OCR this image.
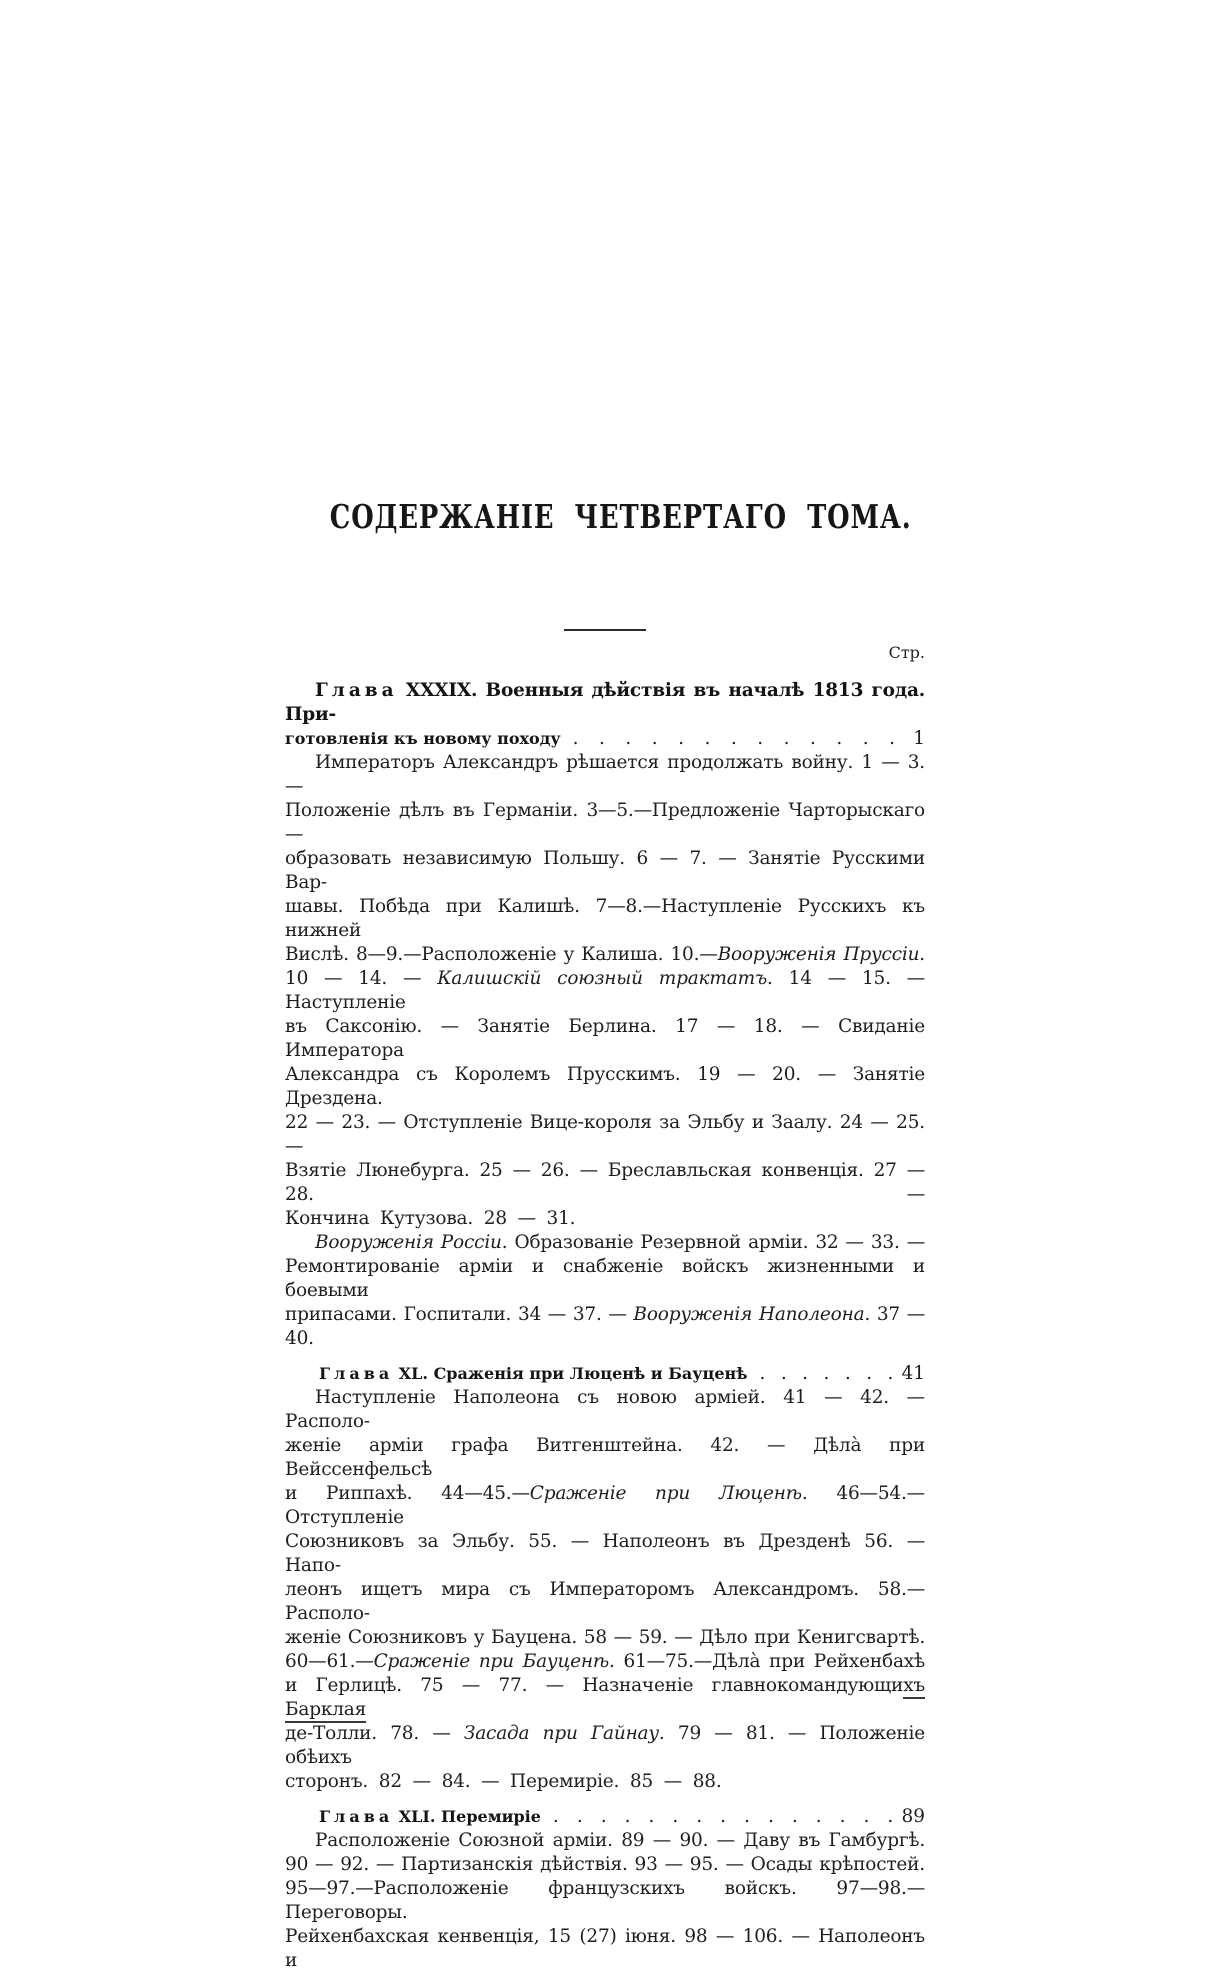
СОДЕРЖАНІЕ ЧЕТВЕРТАГО ТОМА.
Стр.
Глава XXXIX. Военныя дѣйствія въ началѣ 1813 года. При-
готовленія къ новому походу . . . . . . . . . . . . . 1
Императоръ Александръ рѣшается продолжать войну. 1 — 3. —
Положеніе дѣлъ въ Германіи. 3—5.—Предложеніе Чарторыскаго—
образовать независимую Польшу. 6 — 7. — Занятіе Русскими Вар-
шавы. Побѣда при Калишѣ. 7—8.—Наступленіе Русскихъ къ нижней
Вислѣ. 8—9.—Расположеніе у Калиша. 10.—Вооруженія Пруссіи.
10 — 14. — Калишскій союзный трактатъ. 14 — 15. — Наступленіе
въ Саксонію. — Занятіе Берлина. 17 — 18. — Свиданіе Императора
Александра съ Королемъ Прусскимъ. 19 — 20. — Занятіе Дрездена.
22 — 23. — Отступленіе Вице-короля за Эльбу и Заалу. 24 — 25. —
Взятіе Люнебурга. 25 — 26. — Бреславльская конвенція. 27 — 28. —
Кончина Кутузова. 28 — 31.
Вооруженія Россіи. Образованіе Резервной арміи. 32 — 33. —
Ремонтированіе арміи и снабженіе войскъ жизненными и боевыми
припасами. Госпитали. 34 — 37. — Вооруженія Наполеона. 37 — 40.
Глава XL. Сраженія при Люценѣ и Бауценѣ . . . . . . . 41
Наступленіе Наполеона съ новою арміей. 41 — 42. — Располо-
женіе арміи графа Витгенштейна. 42. — Дѣлà при Вейссенфельсѣ
и Риппахѣ. 44—45.—Сраженіе при Люценѣ. 46—54.—Отступленіе
Союзниковъ за Эльбу. 55. — Наполеонъ въ Дрезденѣ 56. — Напо-
леонъ ищетъ мира съ Императоромъ Александромъ. 58.—Располо-
женіе Союзниковъ у Бауцена. 58 — 59. — Дѣло при Кенигсвартѣ.
60—61.—Сраженіе при Бауценѣ. 61—75.—Дѣлà при Рейхенбахѣ
и Герлицѣ. 75 — 77. — Назначеніе главнокомандующихъ Барклая
де-Толли. 78. — Засада при Гайнау. 79 — 81. — Положеніе обѣихъ
сторонъ. 82 — 84. — Перемиріе. 85 — 88.
Глава XLI. Перемиріе . . . . . . . . . . . . . . . 89
Расположеніе Союзной арміи. 89 — 90. — Даву въ Гамбургѣ.
90 — 92. — Партизанскія дѣйствія. 93 — 95. — Осады крѣпостей.
95—97.—Расположеніе французскихъ войскъ. 97—98.—Переговоры.
Рейхенбахская кенвенція, 15 (27) іюня. 98 — 106. — Наполеонъ и
